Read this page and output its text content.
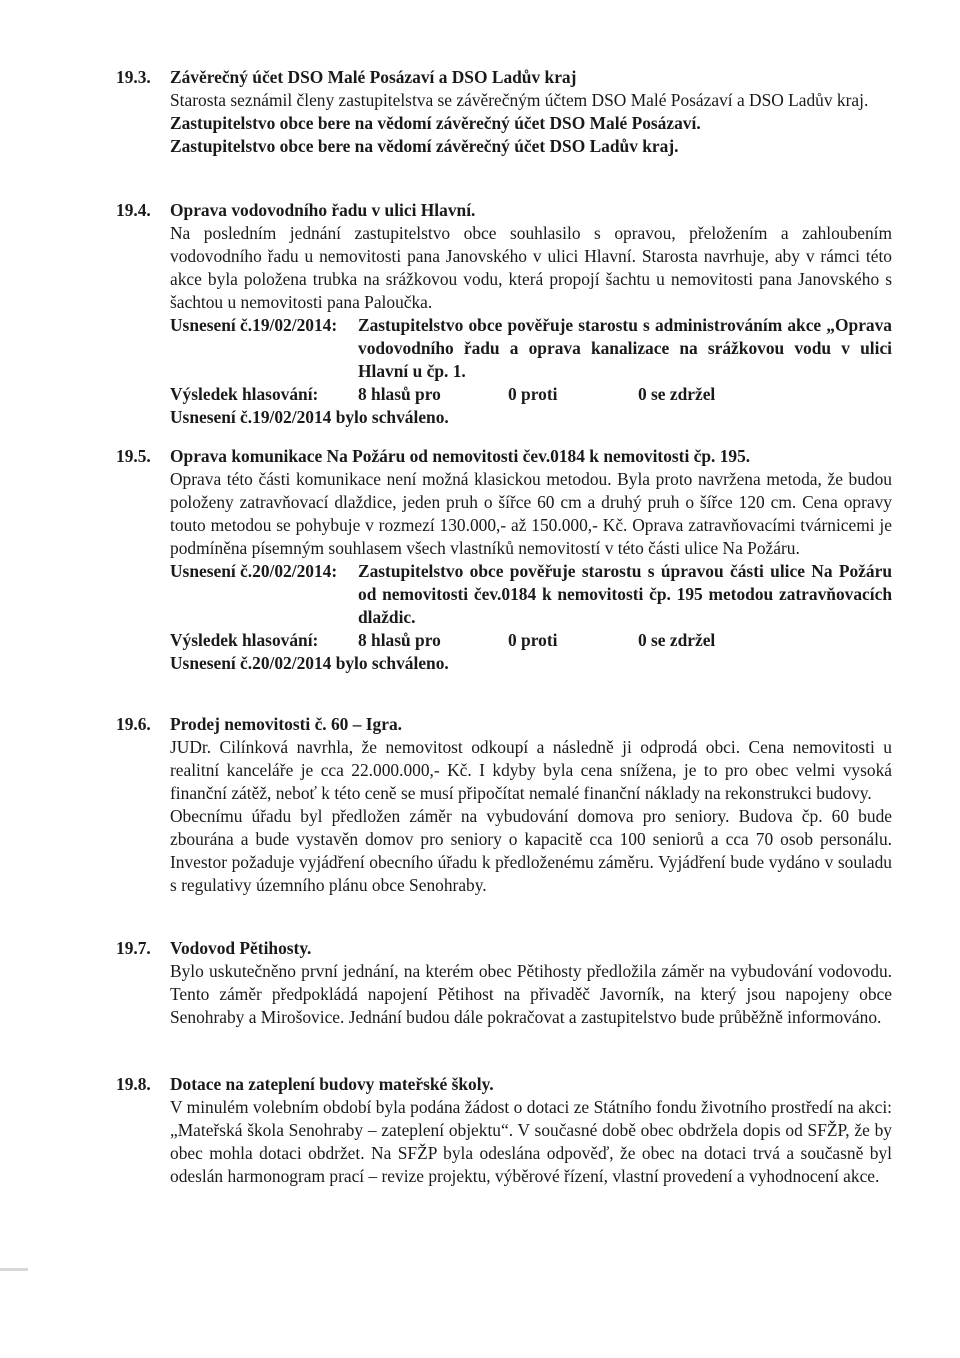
19.3. Závěrečný účet DSO Malé Posázaví a DSO Ladův kraj
Starosta seznámil členy zastupitelstva se závěrečným účtem DSO Malé Posázaví a DSO Ladův kraj.
Zastupitelstvo obce bere na vědomí závěrečný účet DSO Malé Posázaví.
Zastupitelstvo obce bere na vědomí závěrečný účet DSO Ladův kraj.
19.4. Oprava vodovodního řadu v ulici Hlavní.
Na posledním jednání zastupitelstvo obce souhlasilo s opravou, přeložením a zahloubením vodovodního řadu u nemovitosti pana Janovského v ulici Hlavní. Starosta navrhuje, aby v rámci této akce byla položena trubka na srážkovou vodu, která propojí šachtu u nemovitosti pana Janovského s šachtou u nemovitosti pana Paloučka.
Usnesení č.19/02/2014: Zastupitelstvo obce pověřuje starostu s administrováním akce „Oprava vodovodního řadu a oprava kanalizace na srážkovou vodu v ulici Hlavní u čp. 1.
Výsledek hlasování: 8 hlasů pro	0 proti	0 se zdržel
Usnesení č.19/02/2014 bylo schváleno.
19.5. Oprava komunikace Na Požáru od nemovitosti čev.0184 k nemovitosti čp. 195.
Oprava této části komunikace není možná klasickou metodou. Byla proto navržena metoda, že budou položeny zatravňovací dlaždice, jeden pruh o šířce 60 cm a druhý pruh o šířce 120 cm. Cena opravy touto metodou se pohybuje v rozmezí 130.000,- až 150.000,- Kč. Oprava zatravňovacími tvárnicemi je podmíněna písemným souhlasem všech vlastníků nemovitostí v této části ulice Na Požáru.
Usnesení č.20/02/2014: Zastupitelstvo obce pověřuje starostu s úpravou části ulice Na Požáru od nemovitosti čev.0184 k nemovitosti čp. 195 metodou zatravňovacích dlaždic.
Výsledek hlasování: 8 hlasů pro	0 proti	0 se zdržel
Usnesení č.20/02/2014 bylo schváleno.
19.6. Prodej nemovitosti č. 60 – Igra.
JUDr. Cilínková navrhla, že nemovitost odkoupí a následně ji odprodá obci. Cena nemovitosti u realitní kanceláře je cca 22.000.000,- Kč. I kdyby byla cena snížena, je to pro obec velmi vysoká finanční zátěž, neboť k této ceně se musí připočítat nemalé finanční náklady na rekonstrukci budovy.
Obecnímu úřadu byl předložen záměr na vybudování domova pro seniory. Budova čp. 60 bude zbourána a bude vystavěn domov pro seniory o kapacitě cca 100 seniorů a cca 70 osob personálu. Investor požaduje vyjádření obecního úřadu k předloženému záměru. Vyjádření bude vydáno v souladu s regulativy územního plánu obce Senohraby.
19.7. Vodovod Pětihosty.
Bylo uskutečněno první jednání, na kterém obec Pětihosty předložila záměr na vybudování vodovodu. Tento záměr předpokládá napojení Pětihost na přivaděč Javorník, na který jsou napojeny obce Senohraby a Mirošovice. Jednání budou dále pokračovat a zastupitelstvo bude průběžně informováno.
19.8. Dotace na zateplení budovy mateřské školy.
V minulém volebním období byla podána žádost o dotaci ze Státního fondu životního prostředí na akci: „Mateřská škola Senohraby – zateplení objektu“. V současné době obec obdržela dopis od SFŽP, že by obec mohla dotaci obdržet. Na SFŽP byla odeslána odpověď, že obec na dotaci trvá a současně byl odeslán harmonogram prací – revize projektu, výběrové řízení, vlastní provedení a vyhodnocení akce.
